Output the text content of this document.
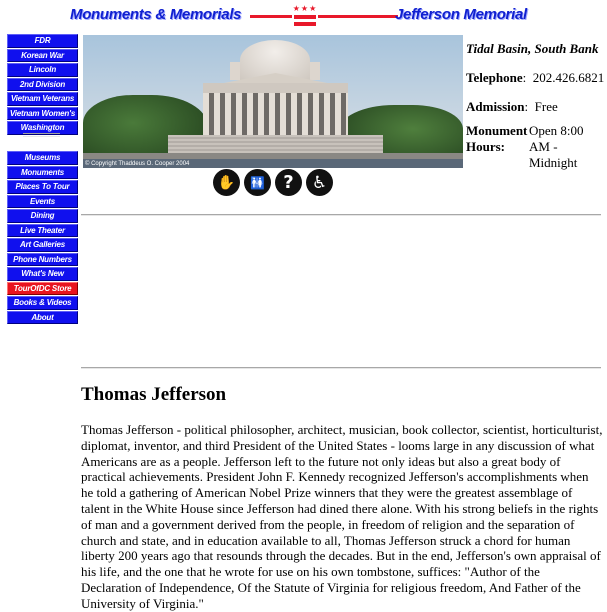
Monuments & Memorials	★★★	Jefferson Memorial
FDR
Korean War
Lincoln
2nd Division
Vietnam Veterans
Vietnam Women's
Washington
Museums
Monuments
Places To Tour
Events
Dining
Live Theater
Art Galleries
Phone Numbers
What's New
TourOfDC Store
Books & Videos
About
© Copyright Thaddeus O. Cooper 2004
✋	🚻	?	♿
Tidal Basin, South Bank
Telephone:  202.426.6821
Admission:  Free
Monument Hours:Open 8:00 AM - Midnight
Thomas Jefferson

Thomas Jefferson - political philosopher, architect, musician, book collector, scientist, horticulturist, diplomat, inventor, and third President of the United States - looms large in any discussion of what Americans are as a people. Jefferson left to the future not only ideas but also a great body of practical achievements. President John F. Kennedy recognized Jefferson's accomplishments when he told a gathering of American Nobel Prize winners that they were the greatest assemblage of talent in the White House since Jefferson had dined there alone. With his strong beliefs in the rights of man and a government derived from the people, in freedom of religion and the separation of church and state, and in education available to all, Thomas Jefferson struck a chord for human liberty 200 years ago that resounds through the decades. But in the end, Jefferson's own appraisal of his life, and the one that he wrote for use on his own tombstone, suffices: "Author of the Declaration of Independence, Of the Statute of Virginia for religious freedom, And Father of the University of Virginia."
